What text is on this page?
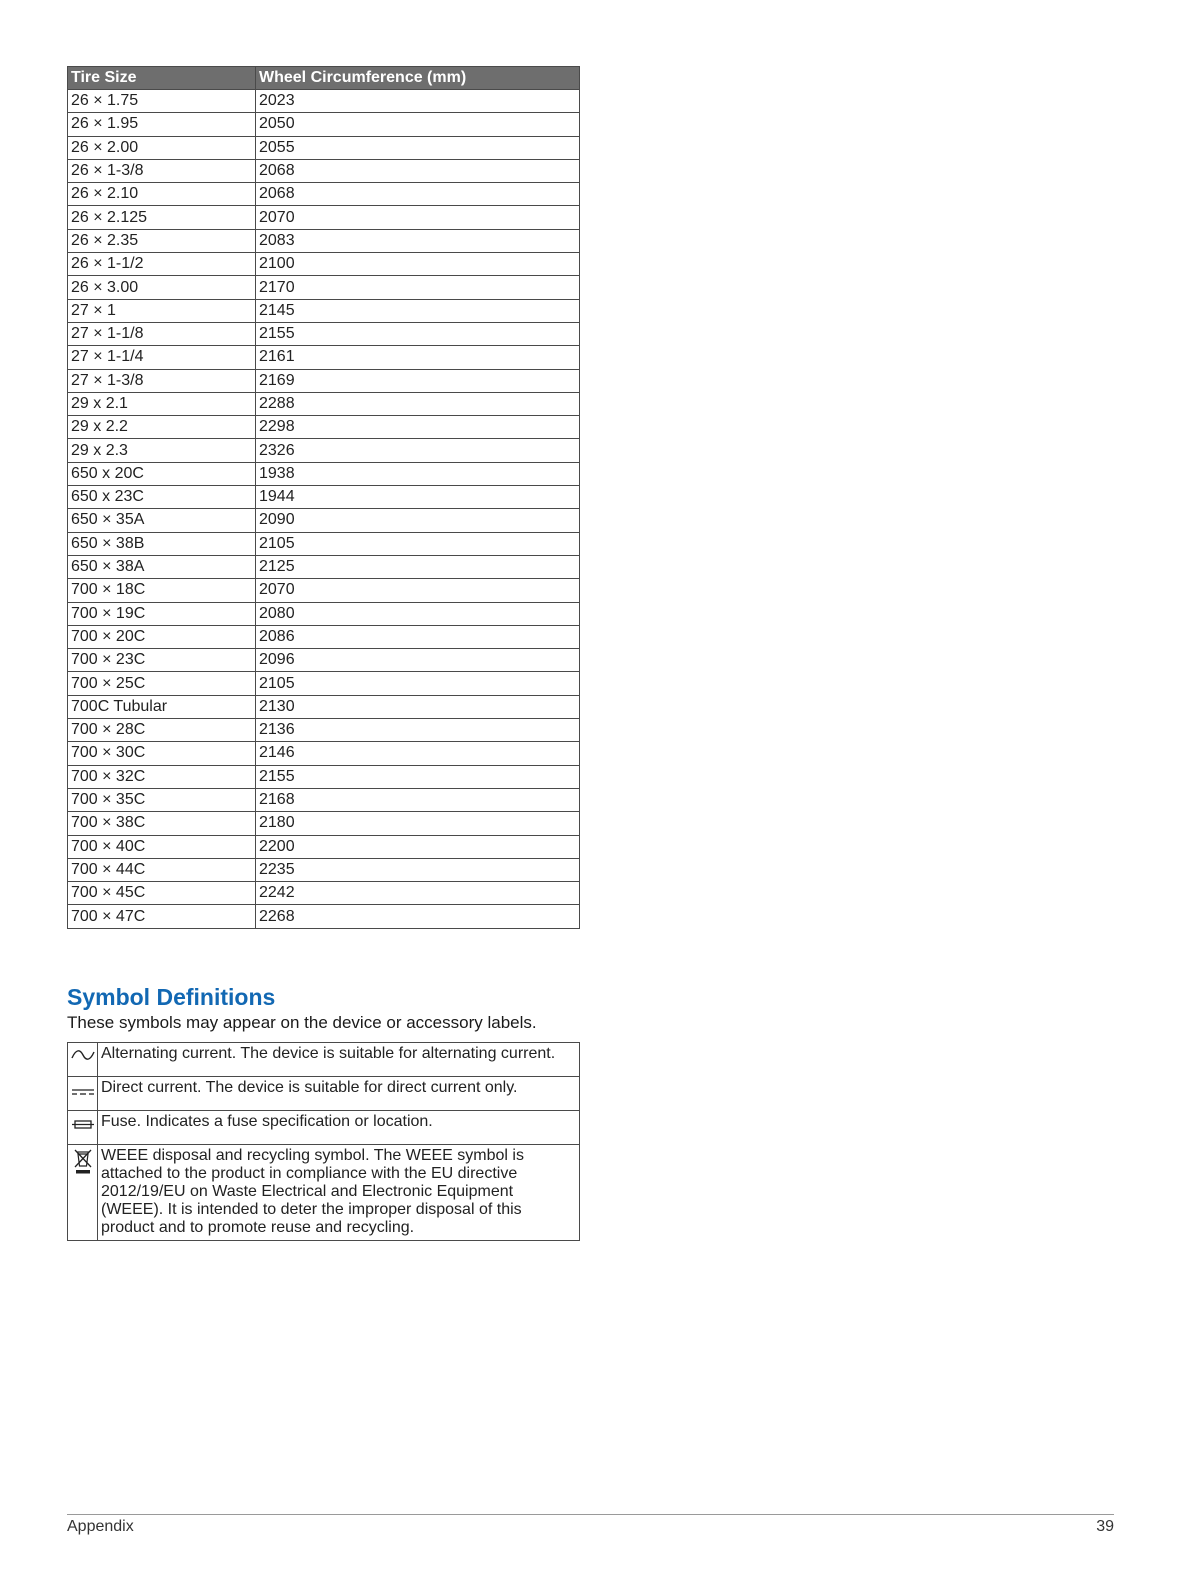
Tire Size	Wheel Circumference (mm)
26 × 1.75	2023
26 × 1.95	2050
26 × 2.00	2055
26 × 1-3/8	2068
26 × 2.10	2068
26 × 2.125	2070
26 × 2.35	2083
26 × 1-1/2	2100
26 × 3.00	2170
27 × 1	2145
27 × 1-1/8	2155
27 × 1-1/4	2161
27 × 1-3/8	2169
29 x 2.1	2288
29 x 2.2	2298
29 x 2.3	2326
650 x 20C	1938
650 x 23C	1944
650 × 35A	2090
650 × 38B	2105
650 × 38A	2125
700 × 18C	2070
700 × 19C	2080
700 × 20C	2086
700 × 23C	2096
700 × 25C	2105
700C Tubular	2130
700 × 28C	2136
700 × 30C	2146
700 × 32C	2155
700 × 35C	2168
700 × 38C	2180
700 × 40C	2200
700 × 44C	2235
700 × 45C	2242
700 × 47C	2268
Symbol Definitions

These symbols may appear on the device or accessory labels.

	Alternating current. The device is suitable for alternating current.
	Direct current. The device is suitable for direct current only.
	Fuse. Indicates a fuse specification or location.
	WEEE disposal and recycling symbol. The WEEE symbol is attached to the product in compliance with the EU directive 2012/19/EU on Waste Electrical and Electronic Equipment (WEEE). It is intended to deter the improper disposal of this product and to promote reuse and recycling.
Appendix	39
